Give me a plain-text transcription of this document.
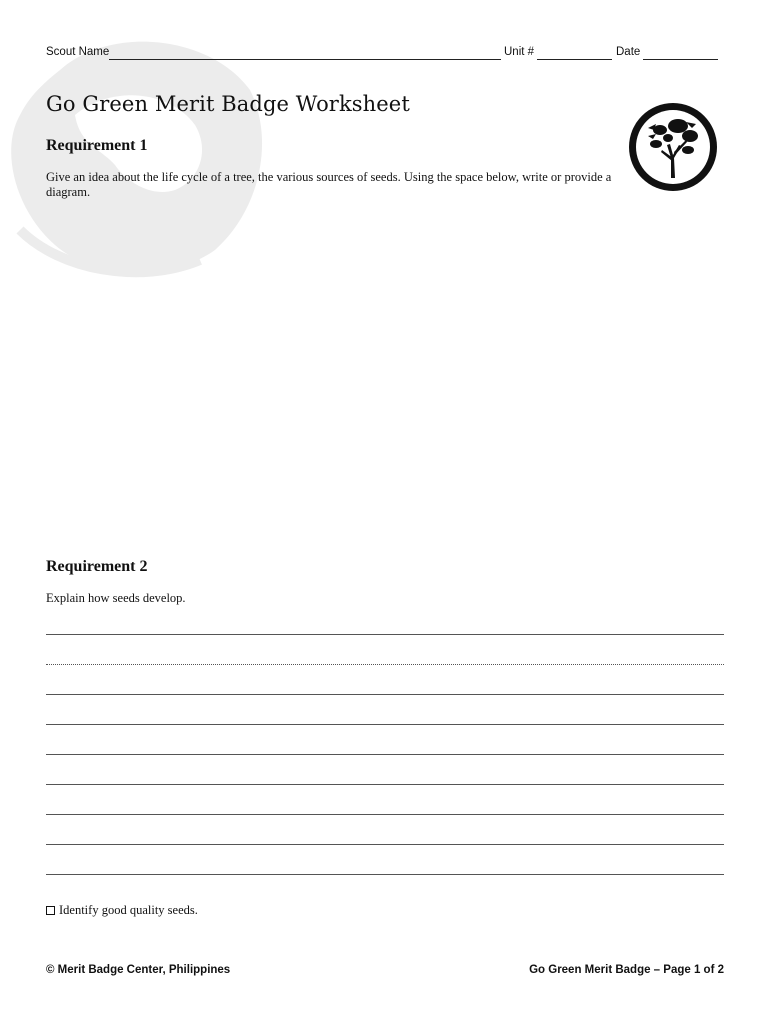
Scout Name	Unit #	Date
Go Green Merit Badge Worksheet
Requirement 1

Give an idea about the life cycle of a tree, the various sources of seeds. Using the space below, write or provide a diagram.

Requirement 2

Explain how seeds develop.

Identify good quality seeds.
© Merit Badge Center, Philippines	Go Green Merit Badge – Page 1 of 2
